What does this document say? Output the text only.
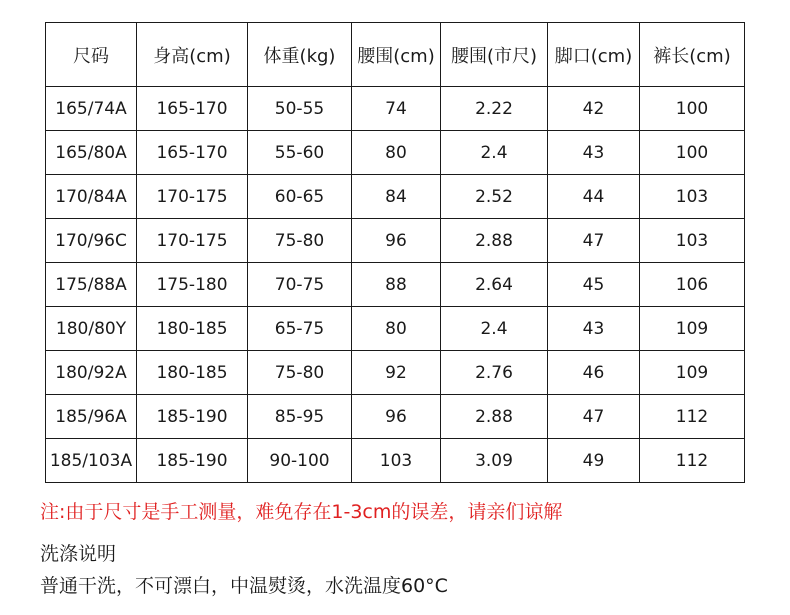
尺码	身高(cm)	体重(kg)	腰围(cm)	腰围(市尺)	脚口(cm)	裤长(cm)
165/74A	165-170	50-55	74	2.22	42	100
165/80A	165-170	55-60	80	2.4	43	100
170/84A	170-175	60-65	84	2.52	44	103
170/96C	170-175	75-80	96	2.88	47	103
175/88A	175-180	70-75	88	2.64	45	106
180/80Y	180-185	65-75	80	2.4	43	109
180/92A	180-185	75-80	92	2.76	46	109
185/96A	185-190	85-95	96	2.88	47	112
185/103A	185-190	90-100	103	3.09	49	112
注:由于尺寸是手工测量，难免存在1-3cm的误差，请亲们谅解
洗涤说明
普通干洗，不可漂白，中温熨烫，水洗温度60°C
